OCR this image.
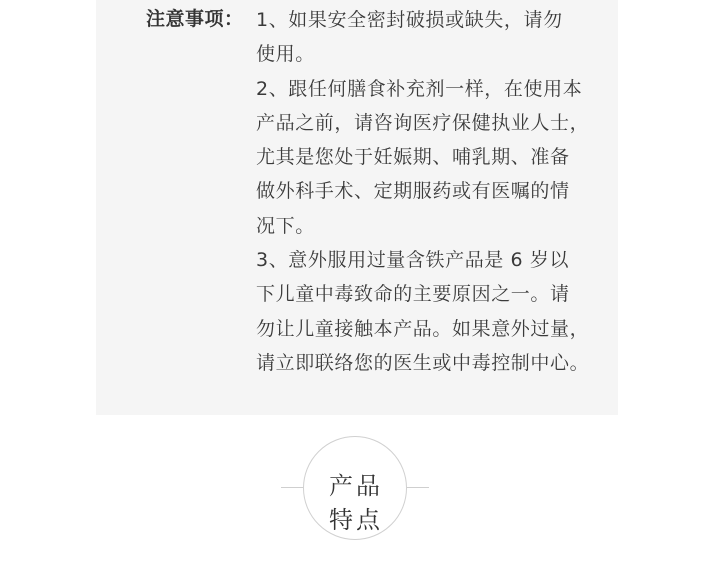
注意事项： 1、如果安全密封破损或缺失，请勿
使用。
2、跟任何膳食补充剂一样，在使用本
产品之前，请咨询医疗保健执业人士，
尤其是您处于妊娠期、哺乳期、准备
做外科手术、定期服药或有医嘱的情
况下。
3、意外服用过量含铁产品是 6 岁以
下儿童中毒致命的主要原因之一。请
勿让儿童接触本产品。如果意外过量，
请立即联络您的医生或中毒控制中心。
产品
特点
